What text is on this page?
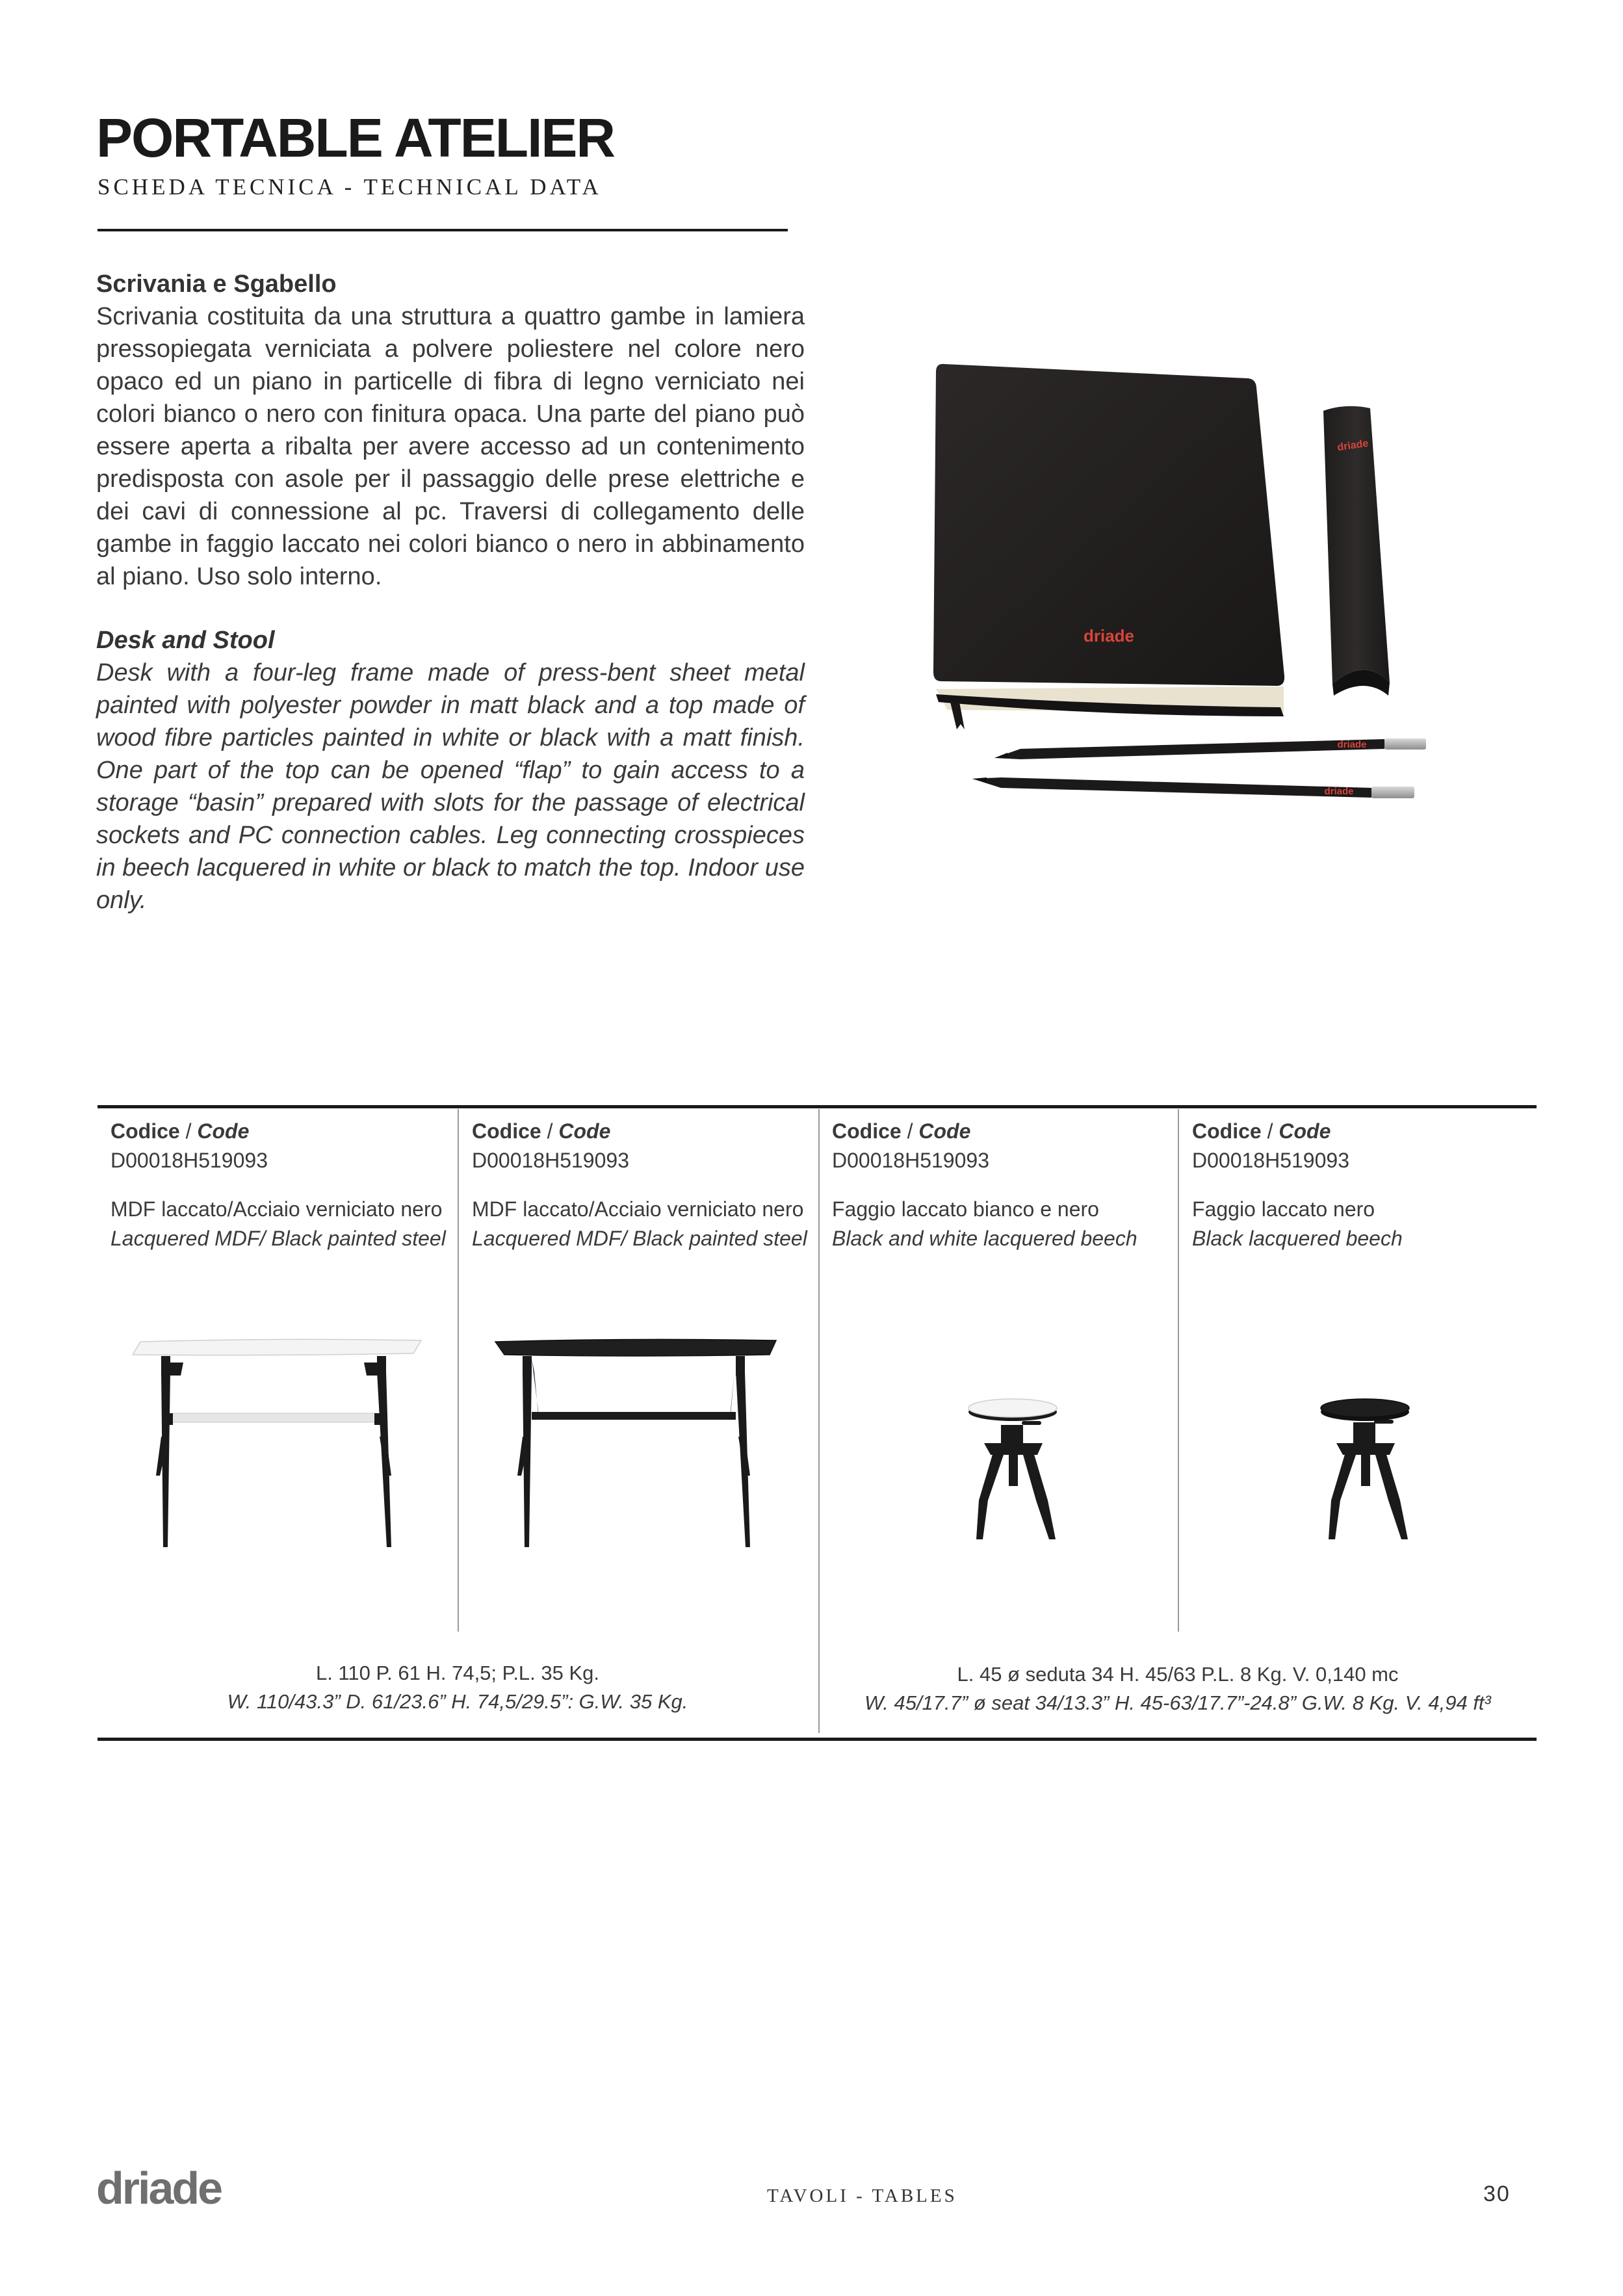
PORTABLE ATELIER
SCHEDA TECNICA - TECHNICAL DATA
Scrivania e Sgabello
Scrivania costituita da una struttura a quattro gambe in lamiera pressopiegata verniciata a polvere poliestere nel colore nero opaco ed un piano in particelle di fibra di legno verniciato nei colori bianco o nero con finitura opaca. Una parte del piano può essere aperta a ribalta per avere accesso ad un contenimento predisposta con asole per il passaggio delle prese elettriche e dei cavi di connessione al pc. Traversi di collegamento delle gambe in faggio laccato nei colori bianco o nero in abbinamento al piano. Uso solo interno.
Desk and Stool
Desk with a four-leg frame made of press-bent sheet metal painted with polyester powder in matt black and a top made of wood fibre particles painted in white or black with a matt finish. One part of the top can be opened “flap” to gain access to a storage “basin” prepared with slots for the passage of electrical sockets and PC connection cables. Leg connecting crosspieces in beech lacquered in white or black to match the top. Indoor use only.
driade
driade
driade
driade
Codice / Code
D00018H519093
MDF laccato/Acciaio verniciato nero
Lacquered MDF/ Black painted steel
Codice / Code
D00018H519093
MDF laccato/Acciaio verniciato nero
Lacquered MDF/ Black painted steel
Codice / Code
D00018H519093
Faggio laccato bianco e nero
Black and white lacquered beech
Codice / Code
D00018H519093
Faggio laccato nero
Black lacquered beech
L. 110 P. 61 H. 74,5; P.L. 35 Kg.
W. 110/43.3” D. 61/23.6” H. 74,5/29.5”: G.W. 35 Kg.
L. 45 ø seduta 34 H. 45/63 P.L. 8 Kg. V. 0,140 mc
W. 45/17.7” ø seat 34/13.3” H. 45-63/17.7”-24.8” G.W. 8 Kg. V. 4,94 ft³
driade	TAVOLI - TABLES	30
